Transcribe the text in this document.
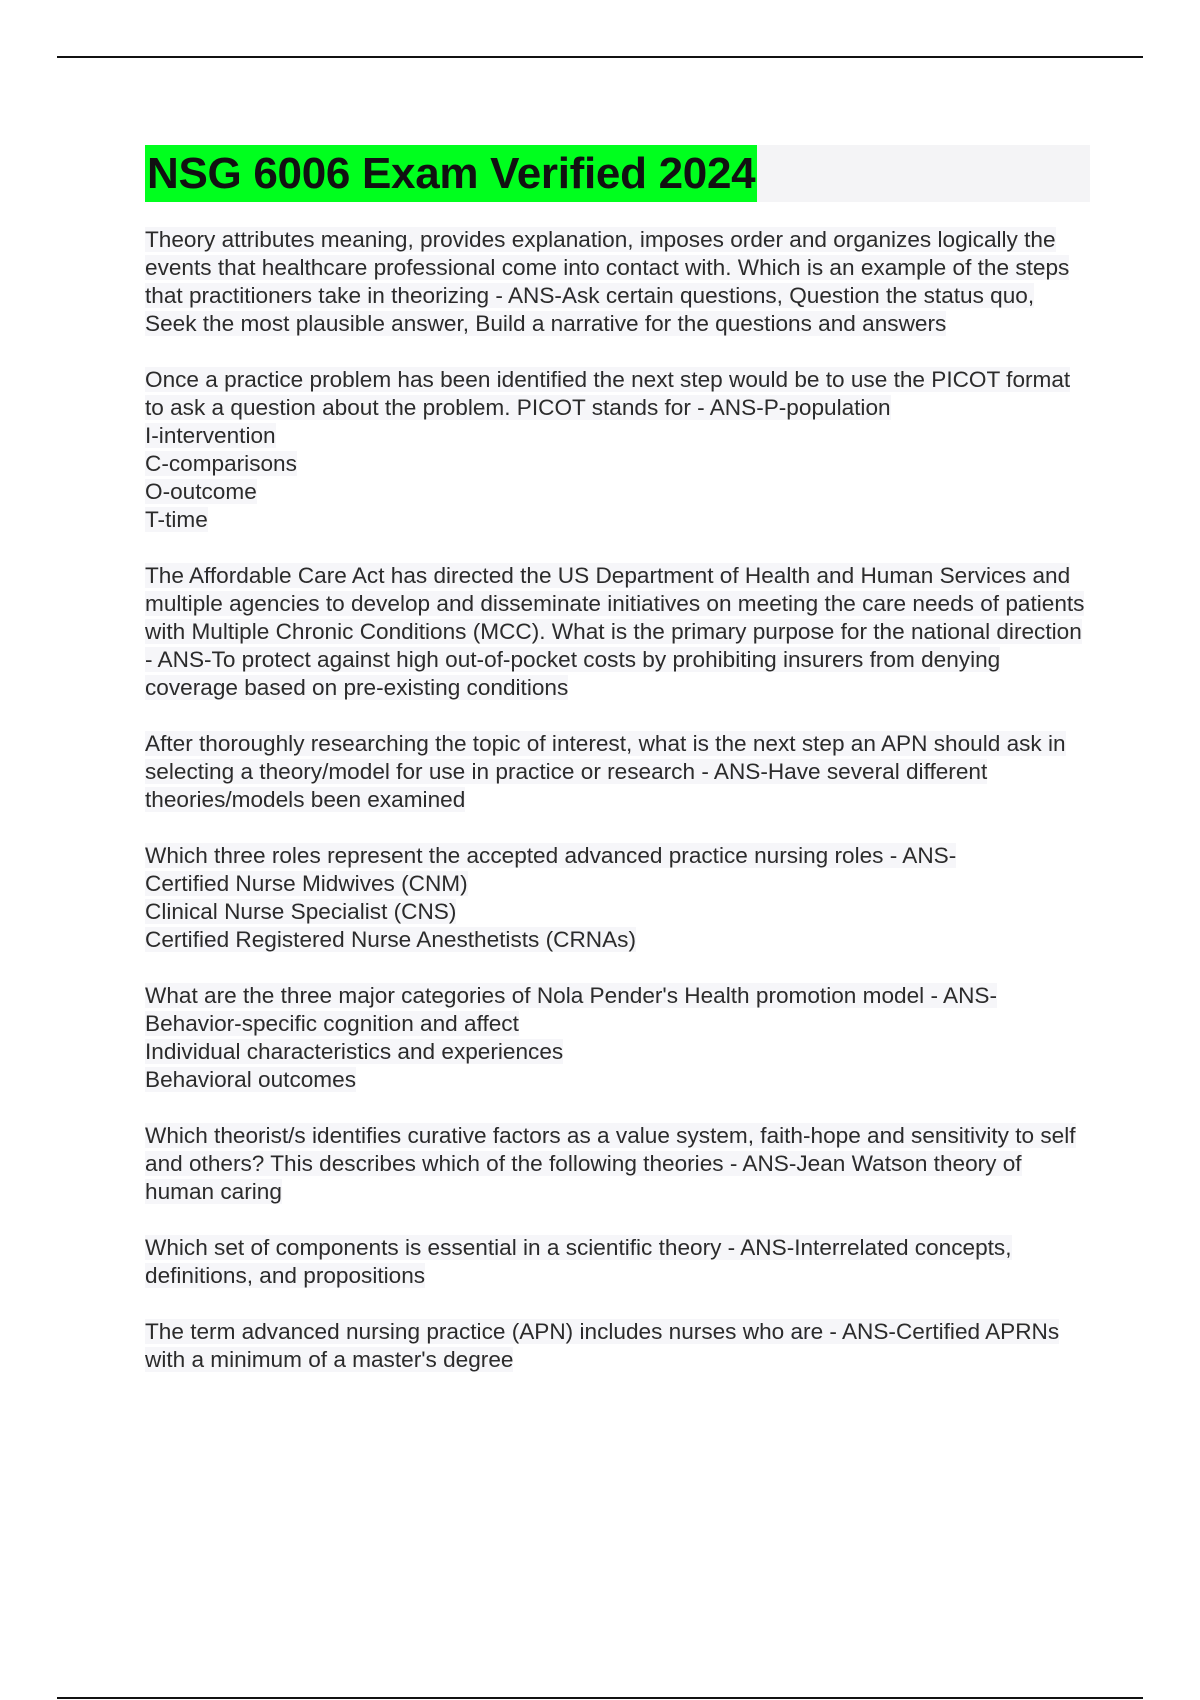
NSG 6006 Exam Verified 2024

Theory attributes meaning, provides explanation, imposes order and organizes logically the events that healthcare professional come into contact with. Which is an example of the steps that practitioners take in theorizing - ANS-Ask certain questions, Question the status quo, Seek the most plausible answer, Build a narrative for the questions and answers

Once a practice problem has been identified the next step would be to use the PICOT format to ask a question about the problem. PICOT stands for - ANS-P-population
I-intervention
C-comparisons
O-outcome
T-time

The Affordable Care Act has directed the US Department of Health and Human Services and multiple agencies to develop and disseminate initiatives on meeting the care needs of patients with Multiple Chronic Conditions (MCC). What is the primary purpose for the national direction - ANS-To protect against high out-of-pocket costs by prohibiting insurers from denying coverage based on pre-existing conditions

After thoroughly researching the topic of interest, what is the next step an APN should ask in selecting a theory/model for use in practice or research - ANS-Have several different theories/models been examined

Which three roles represent the accepted advanced practice nursing roles - ANS-
Certified Nurse Midwives (CNM)
Clinical Nurse Specialist (CNS)
Certified Registered Nurse Anesthetists (CRNAs)

What are the three major categories of Nola Pender's Health promotion model - ANS-
Behavior-specific cognition and affect
Individual characteristics and experiences
Behavioral outcomes

Which theorist/s identifies curative factors as a value system, faith-hope and sensitivity to self and others? This describes which of the following theories - ANS-Jean Watson theory of human caring

Which set of components is essential in a scientific theory - ANS-Interrelated concepts, definitions, and propositions

The term advanced nursing practice (APN) includes nurses who are - ANS-Certified APRNs with a minimum of a master's degree
